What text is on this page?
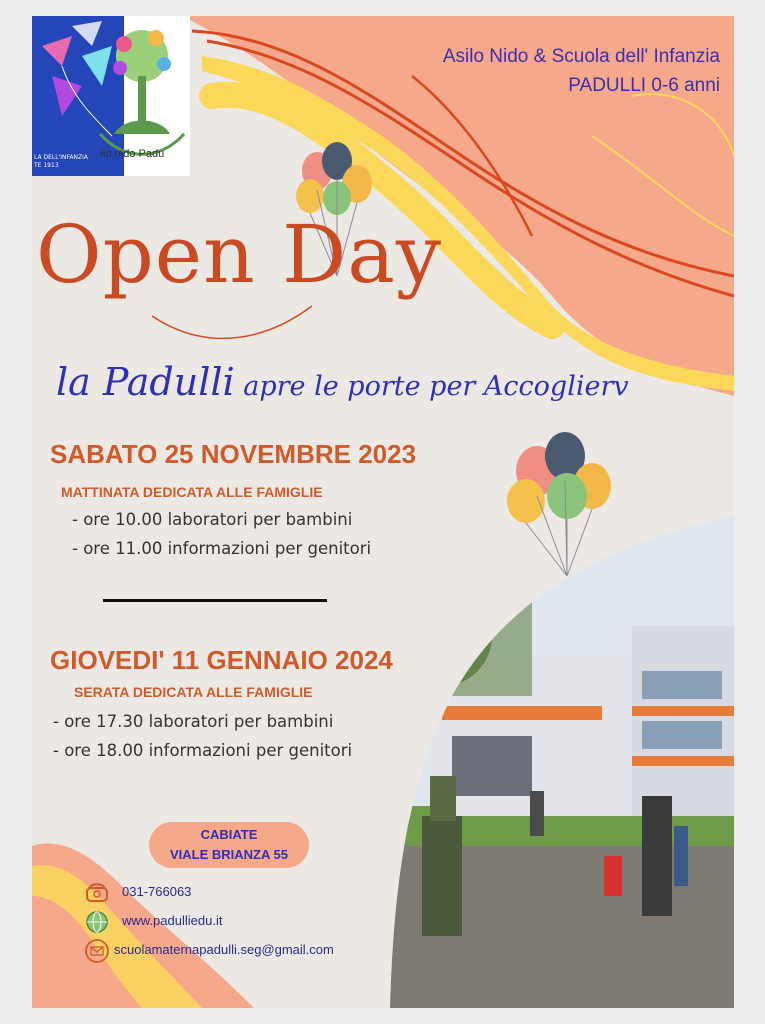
LA DELL'INFANZIA
TE 1913
Ilo nido Padu
Asilo Nido & Scuola dell' Infanzia
PADULLI 0-6 anni
Open Day
la Padulli apre le porte per Accoglierv
SABATO 25 NOVEMBRE 2023
MATTINATA DEDICATA ALLE FAMIGLIE
- ore 10.00 laboratori per bambini
- ore 11.00 informazioni per genitori
GIOVEDI' 11 GENNAIO 2024
SERATA DEDICATA ALLE FAMIGLIE
- ore 17.30 laboratori per bambini
- ore 18.00 informazioni per genitori
CABIATE
VIALE BRIANZA 55
031-766063
www.padulliedu.it
scuolamaternapadulli.seg@gmail.com
